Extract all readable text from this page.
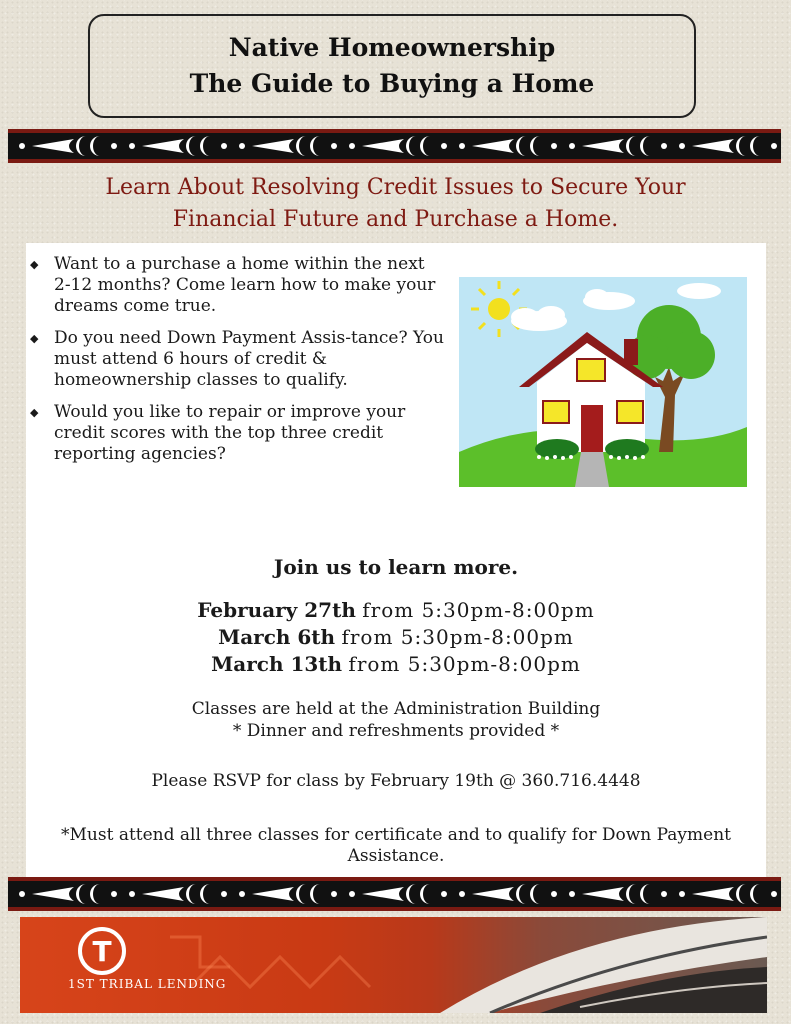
Native Homeownership
The Guide to Buying a Home
Learn About Resolving Credit Issues to Secure Your
Financial Future and Purchase a Home.
◆ Want to a purchase a home within the next 2-12 months? Come learn how to make your dreams come true.
◆ Do you need Down Payment Assis-tance? You must attend 6 hours of credit & homeownership classes to qualify.
◆ Would you like to repair or improve your credit scores with the top three credit reporting agencies?
Join us to learn more.
February 27th from 5:30pm-8:00pm
March 6th from 5:30pm-8:00pm
March 13th from 5:30pm-8:00pm
Classes are held at the Administration Building
* Dinner and refreshments provided *
Please RSVP for class by February 19th @ 360.716.4448
*Must attend all three classes for certificate and to qualify for Down Payment Assistance.
T
1ST TRIBAL LENDING
